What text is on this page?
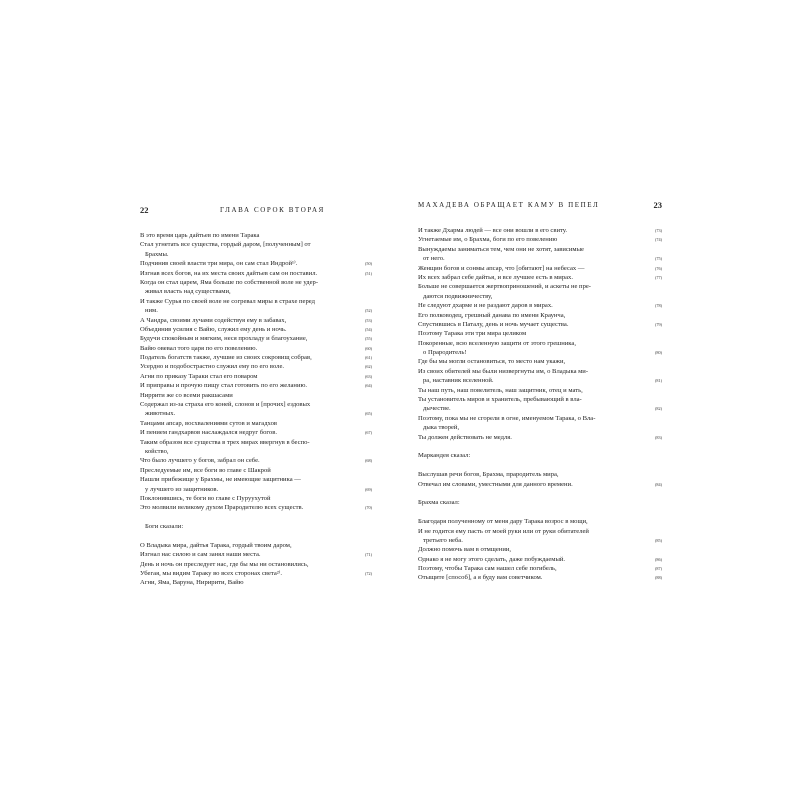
22	ГЛАВА СОРОК ВТОРАЯ
В это время царь дайтьев по имени Тарака
Стал угнетать все существа, гордый даром, [полученным] от
Брахмы.
Подчинив своей власти три мира, он сам стал Индрой¹⁾.	(50)
Изгнав всех богов, на их места своих дайтьев сам он поставил.	(51)
Когда он стал царем, Яма больше по собственной воле не удер-
живал власть над существами,
И также Сурья по своей воле не согревал миры в страхе перед
ним.	(52)
А Чандра, своими лучами содействуя ему в забавах,	(53)
Объединив усилия с Вайю, служил ему день и ночь.	(54)
Будучи спокойным и мягким, неся прохладу и благоухание,	(55)
Вайю овевал того царя по его повелению.	(60)
Податель богатств также, лучшие из своих сокровищ собрав,	(61)
Усердно и подобострастно служил ему по его воле.	(62)
Агни по приказу Тараки стал его поваром	(63)
И приправы и прочую пищу стал готовить по его желанию.	(64)
Ниррити же со всеми ракшасами
Содержал из-за страха его коней, слонов и [прочих] ездовых
животных.	(65)
Танцами апсар, восхвалениями сутов и магадхов
И пением гандхарвов наслаждался недруг богов.	(67)
Таким образом все существа в трех мирах ввергнув в беспо-
койство,
Что было лучшего у богов, забрал он себе.	(68)
Преследуемые им, все боги во главе с Шакрой
Нашли прибежище у Брахмы, не имеющие защитника —
у лучшего из защитников.	(69)
Поклонившись, те боги во главе с Пуруухутой
Это молвили великому духом Прародителю всех существ.	(70)
Боги сказали:
О Владыка мира, дайтья Тарака, гордый твоим даром,
Изгнал нас силою и сам занял наши места.	(71)
День и ночь он преследует нас, где бы мы ни остановились,
Убегая, мы видим Тараку во всех сторонах света²⁾.	(72)
Агни, Яма, Варуна, Ниририти, Вайю
МАХАДЕВА ОБРАЩАЕТ КАМУ В ПЕПЕЛ	23
И также Дхарма людей — все они вошли в его свиту.	(73)
Угнетаемые им, о Брахма, боги по его повелению	(74)
Вынуждаемы заниматься тем, чем они не хотят, зависимые
от него.	(75)
Женщин богов и сонмы апсар, что [обитают] на небесах —	(76)
Их всех забрал себе дайтья, и все лучшее есть в мирах.	(77)
Больше не совершается жертвоприношений, и аскеты не пре-
даются подвижничеству,
Не следуют дхарме и не раздают даров в мирах.	(78)
Его полководец, грешный данава по имени Краунча,
Спустившись в Паталу, день и ночь мучает существа.	(79)
Поэтому Тарака эти три мира целиком
Покоренные, всю вселенную защити от этого грешника,
о Прародитель!	(80)
Где бы мы могли остановиться, то место нам укажи,
Из своих обителей мы были низвергнуты им, о Владыка ми-
ра, наставник вселенной.	(81)
Ты наш путь, наш повелитель, наш защитник, отец и мать,
Ты установитель миров и хранитель, пребывающий в вла-
дычестве.	(82)
Поэтому, пока мы не сгорели в огне, именуемом Тарака, о Вла-
дыка творей,
Ты должен действовать не медля.	(83)
Маркандея сказал:
Выслушав речи богов, Брахма, прародитель мира,
Отвечал им словами, уместными для данного времени.	(84)
Брахма сказал:
Благодаря полученному от меня дару Тарака возрос в мощи,
И не годится ему пасть от моей руки или от руки обитателей
третьего неба.	(85)
Должно помочь вам в отмщении,
Однако я не могу этого сделать, даже побуждаемый.	(86)
Поэтому, чтобы Тарака сам нашел себе погибель,	(87)
Отыщите [способ], а я буду вам советчиком.	(88)
